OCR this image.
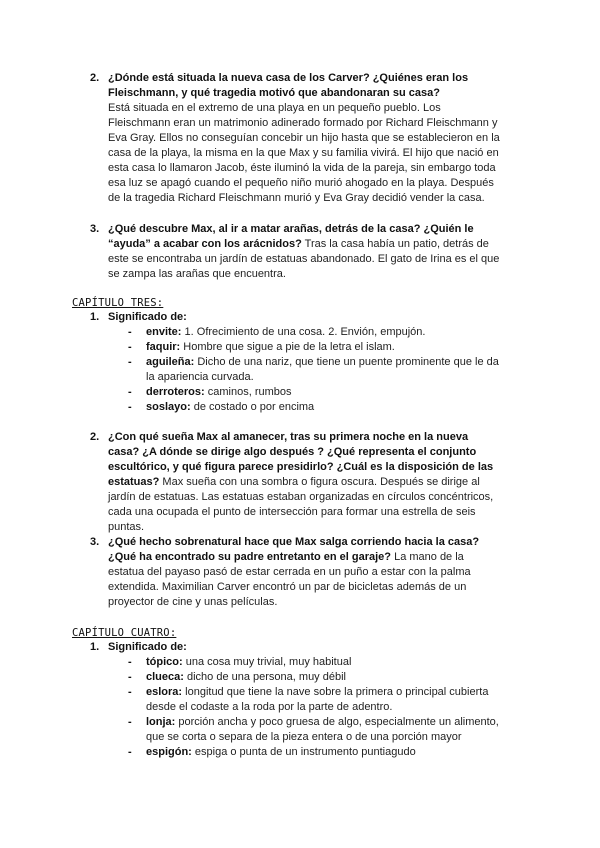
2. ¿Dónde está situada la nueva casa de los Carver? ¿Quiénes eran los Fleischmann, y qué tragedia motivó que abandonaran su casa?
Está situada en el extremo de una playa en un pequeño pueblo. Los Fleischmann eran un matrimonio adinerado formado por Richard Fleischmann y Eva Gray. Ellos no conseguían concebir un hijo hasta que se establecieron en la casa de la playa, la misma en la que Max y su familia vivirá. El hijo que nació en esta casa lo llamaron Jacob, éste iluminó la vida de la pareja, sin embargo toda esa luz se apagó cuando el pequeño niño murió ahogado en la playa. Después de la tragedia Richard Fleischmann murió y Eva Gray decidió vender la casa.
3. ¿Qué descubre Max, al ir a matar arañas, detrás de la casa? ¿Quién le “ayuda” a acabar con los arácnidos? Tras la casa había un patio, detrás de este se encontraba un jardín de estatuas abandonado. El gato de Irina es el que se zampa las arañas que encuentra.
CAPÍTULO TRES:
1. Significado de:
- envite: 1. Ofrecimiento de una cosa. 2. Envión, empujón.
- faquir: Hombre que sigue a pie de la letra el islam.
- aguileña: Dicho de una nariz, que tiene un puente prominente que le da la apariencia curvada.
- derroteros: caminos, rumbos
- soslayo: de costado o por encima
2. ¿Con qué sueña Max al amanecer, tras su primera noche en la nueva casa? ¿A dónde se dirige algo después ? ¿Qué representa el conjunto escultórico, y qué figura parece presidirlo? ¿Cuál es la disposición de las estatuas? Max sueña con una sombra o figura oscura. Después se dirige al jardín de estatuas. Las estatuas estaban organizadas en círculos concéntricos, cada una ocupada el punto de intersección para formar una estrella de seis puntas.
3. ¿Qué hecho sobrenatural hace que Max salga corriendo hacia la casa? ¿Qué ha encontrado su padre entretanto en el garaje? La mano de la estatua del payaso pasó de estar cerrada en un puño a estar con la palma extendida. Maximilian Carver encontró un par de bicicletas además de un proyector de cine y unas películas.
CAPÍTULO CUATRO:
1. Significado de:
- tópico: una cosa muy trivial, muy habitual
- clueca: dicho de una persona, muy débil
- eslora: longitud que tiene la nave sobre la primera o principal cubierta desde el codaste a la roda por la parte de adentro.
- lonja: porción ancha y poco gruesa de algo, especialmente un alimento, que se corta o separa de la pieza entera o de una porción mayor
- espigón: espiga o punta de un instrumento puntiagudo
